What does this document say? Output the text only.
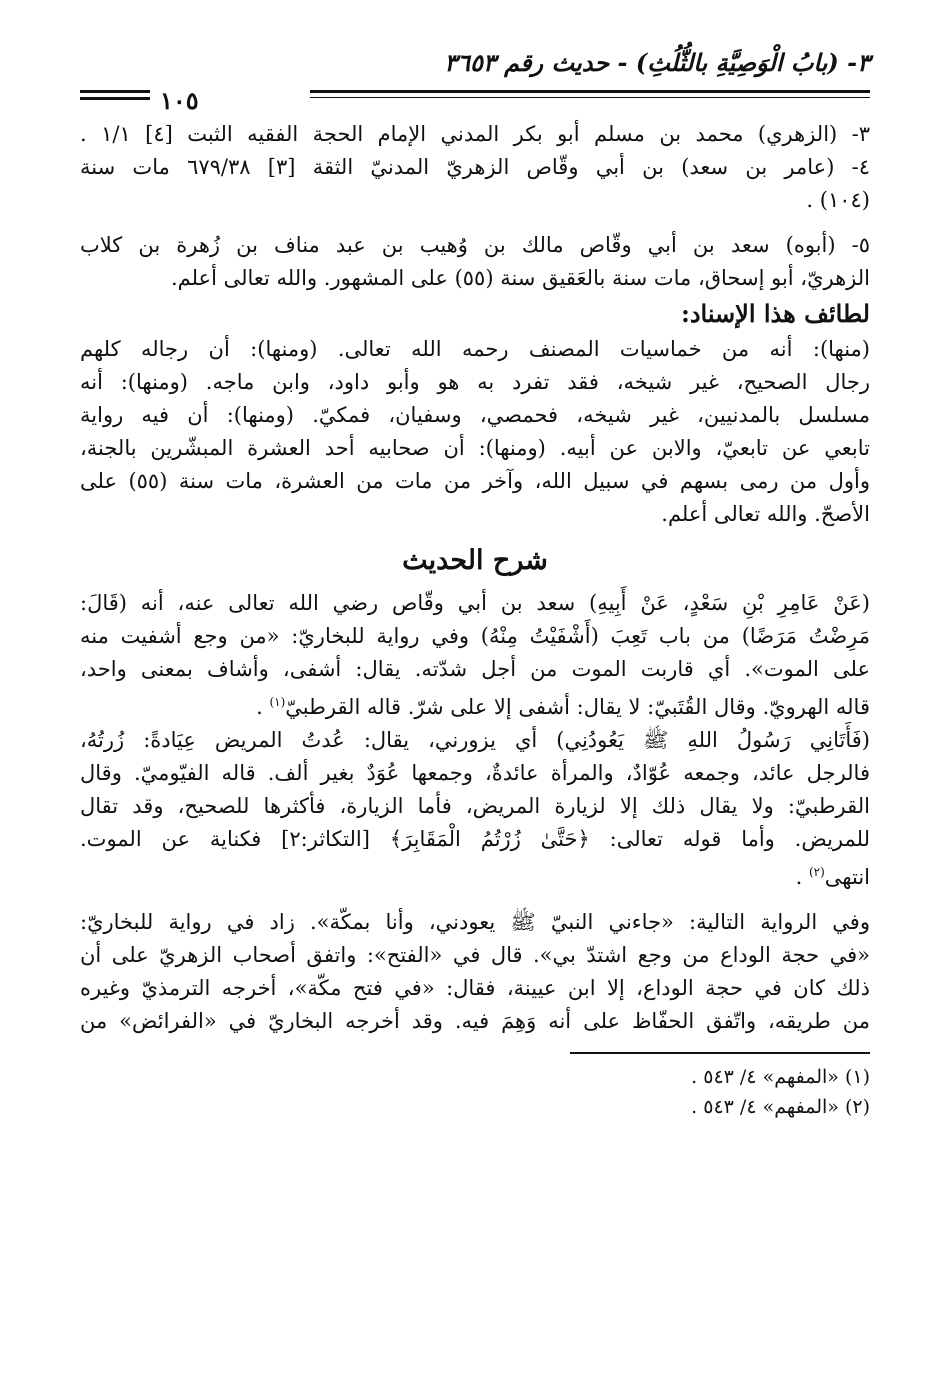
٣- (بابُ الْوَصِيَّةِ بالثُّلُثِ) - حديث رقم ٣٦٥٣
١٠٥
٣- (الزهري) محمد بن مسلم أبو بكر المدني الإمام الحجة الفقيه الثبت [٤] ١/١ .
٤- (عامر بن سعد) بن أبي وقّاص الزهريّ المدنيّ الثقة [٣] ٦٧٩/٣٨ مات سنة
(١٠٤) .
٥- (أبوه) سعد بن أبي وقّاص مالك بن وُهيب بن عبد مناف بن زُهرة بن كلاب
الزهريّ، أبو إسحاق، مات سنة بالعَقيق سنة (٥٥) على المشهور. والله تعالى أعلم.
لطائف هذا الإسناد:
(منها): أنه من خماسيات المصنف رحمه الله تعالى. (ومنها): أن رجاله كلهم
رجال الصحيح، غير شيخه، فقد تفرد به هو وأبو داود، وابن ماجه. (ومنها): أنه
مسلسل بالمدنيين، غير شيخه، فحمصي، وسفيان، فمكيّ. (ومنها): أن فيه رواية
تابعي عن تابعيّ، والابن عن أبيه. (ومنها): أن صحابيه أحد العشرة المبشّرين بالجنة،
وأول من رمى بسهم في سبيل الله، وآخر من مات من العشرة، مات سنة (٥٥) على
الأصحّ. والله تعالى أعلم.
شرح الحديث
(عَنْ عَامِرِ بْنِ سَعْدٍ، عَنْ أَبِيهِ) سعد بن أبي وقّاص رضي الله تعالى عنه، أنه (قَالَ:
مَرِضْتُ مَرَضًا) من باب تَعِبَ (أَشْفَيْتُ مِنْهُ) وفي رواية للبخاريّ: «من وجع أشفيت منه
على الموت». أي قاربت الموت من أجل شدّته. يقال: أشفى، وأشاف بمعنى واحد،
قاله الهرويّ. وقال القُتَبيّ: لا يقال: أشفى إلا على شرّ. قاله القرطبيّ$^{(١)}$ .
(فَأَتَانِي رَسُولُ اللهِ ﷺ يَعُودُنِي) أي يزورني، يقال: عُدتُ المريض عِيَادةً: زُرتُهُ،
فالرجل عائد، وجمعه عُوّادٌ، والمرأة عائدةٌ، وجمعها عُوَدٌ بغير ألف. قاله الفيّوميّ. وقال
القرطبيّ: ولا يقال ذلك إلا لزيارة المريض، فأما الزيارة، فأكثرها للصحيح، وقد تقال
للمريض. وأما قوله تعالى: ﴿حَتَّىٰ زُرْتُمُ الْمَقَابِرَ﴾ [التكاثر:٢] فكناية عن الموت.
انتهى$^{(٢)}$ .
وفي الرواية التالية: «جاءني النبيّ ﷺ يعودني، وأنا بمكّة». زاد في رواية للبخاريّ:
«في حجة الوداع من وجع اشتدّ بي». قال في «الفتح»: واتفق أصحاب الزهريّ على أن
ذلك كان في حجة الوداع، إلا ابن عيينة، فقال: «في فتح مكّة»، أخرجه الترمذيّ وغيره
من طريقه، واتّفق الحفّاظ على أنه وَهِمَ فيه. وقد أخرجه البخاريّ في «الفرائض» من
(١) «المفهم» ٤/ ٥٤٣ .
(٢) «المفهم» ٤/ ٥٤٣ .
